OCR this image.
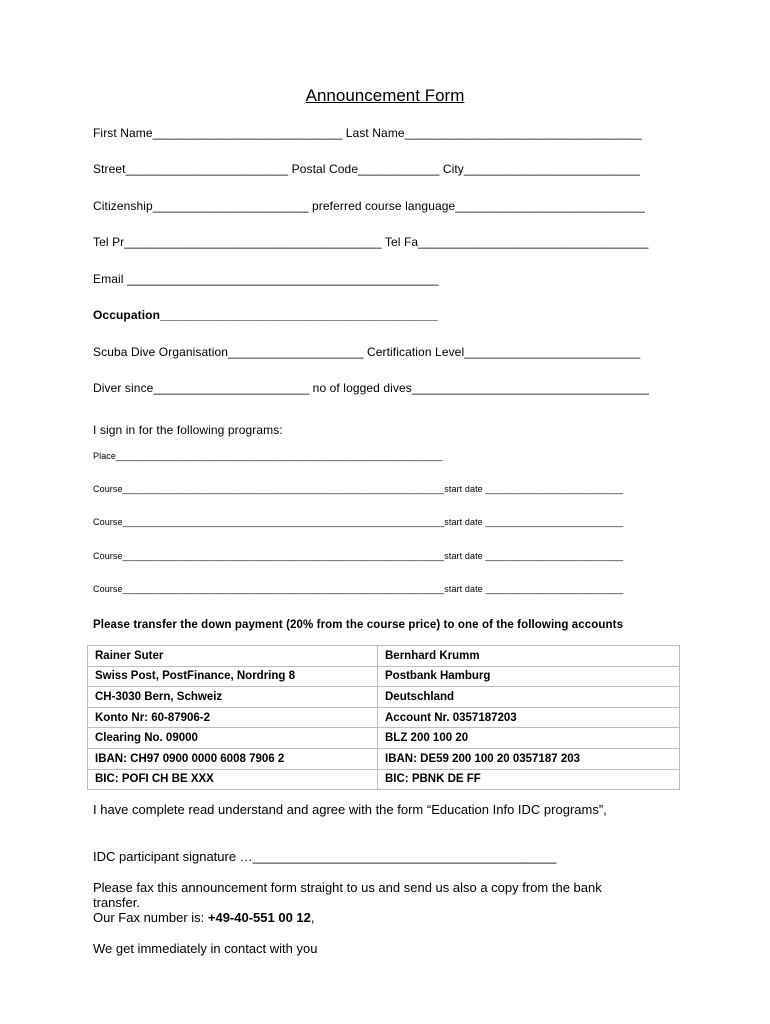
Announcement Form
First Name____________________________ Last Name___________________________________
Street________________________ Postal Code____________ City__________________________
Citizenship_______________________ preferred course language____________________________
Tel Pr______________________________________ Tel Fa__________________________________
Email ______________________________________________
Occupation_________________________________________
Scuba Dive Organisation____________________ Certification Level__________________________
Diver since_______________________ no of logged dives___________________________________
I sign in for the following programs:
Place________________________________________________________________
Course_______________________________________________________________start date ___________________________
Course_______________________________________________________________start date ___________________________
Course_______________________________________________________________start date ___________________________
Course_______________________________________________________________start date ___________________________
Please transfer the down payment (20% from the course price) to one of the following accounts
Rainer Suter	Bernhard Krumm
Swiss Post, PostFinance, Nordring 8	Postbank Hamburg
CH-3030 Bern, Schweiz	Deutschland
Konto Nr: 60-87906-2	Account Nr. 0357187203
Clearing No. 09000	BLZ 200 100 20
IBAN: CH97 0900 0000 6008 7906 2	IBAN: DE59 200 100 20 0357187 203
BIC: POFI CH BE XXX	BIC: PBNK DE FF
I have complete read understand and agree with the form “Education Info IDC programs”,
IDC participant signature …__________________________________________
Please fax this announcement form straight to us and send us also a copy from the bank
transfer.
Our Fax number is: +49-40-551 00 12,
We get immediately in contact with you
